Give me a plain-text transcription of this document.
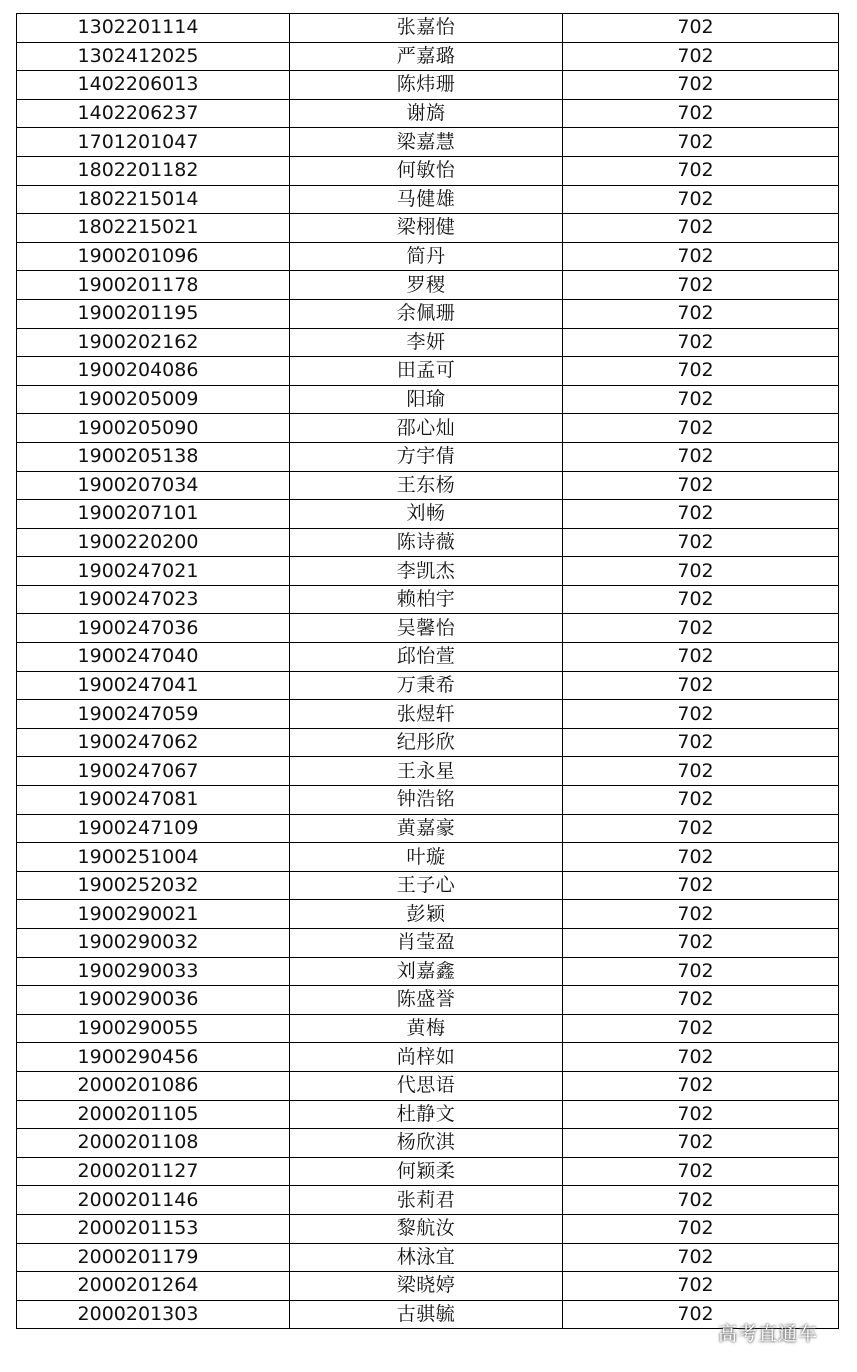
1302201114	张嘉怡	702
1302412025	严嘉璐	702
1402206013	陈炜珊	702
1402206237	谢旖	702
1701201047	梁嘉慧	702
1802201182	何敏怡	702
1802215014	马健雄	702
1802215021	梁栩健	702
1900201096	简丹	702
1900201178	罗稷	702
1900201195	余佩珊	702
1900202162	李妍	702
1900204086	田孟可	702
1900205009	阳瑜	702
1900205090	邵心灿	702
1900205138	方宇倩	702
1900207034	王东杨	702
1900207101	刘畅	702
1900220200	陈诗薇	702
1900247021	李凯杰	702
1900247023	赖柏宇	702
1900247036	吴馨怡	702
1900247040	邱怡萱	702
1900247041	万秉希	702
1900247059	张煜轩	702
1900247062	纪彤欣	702
1900247067	王永星	702
1900247081	钟浩铭	702
1900247109	黄嘉豪	702
1900251004	叶璇	702
1900252032	王子心	702
1900290021	彭颖	702
1900290032	肖莹盈	702
1900290033	刘嘉鑫	702
1900290036	陈盛誉	702
1900290055	黄梅	702
1900290456	尚梓如	702
2000201086	代思语	702
2000201105	杜静文	702
2000201108	杨欣淇	702
2000201127	何颖柔	702
2000201146	张莉君	702
2000201153	黎航汝	702
2000201179	林泳宜	702
2000201264	梁晓婷	702
2000201303	古骐毓	702
高考直通车
